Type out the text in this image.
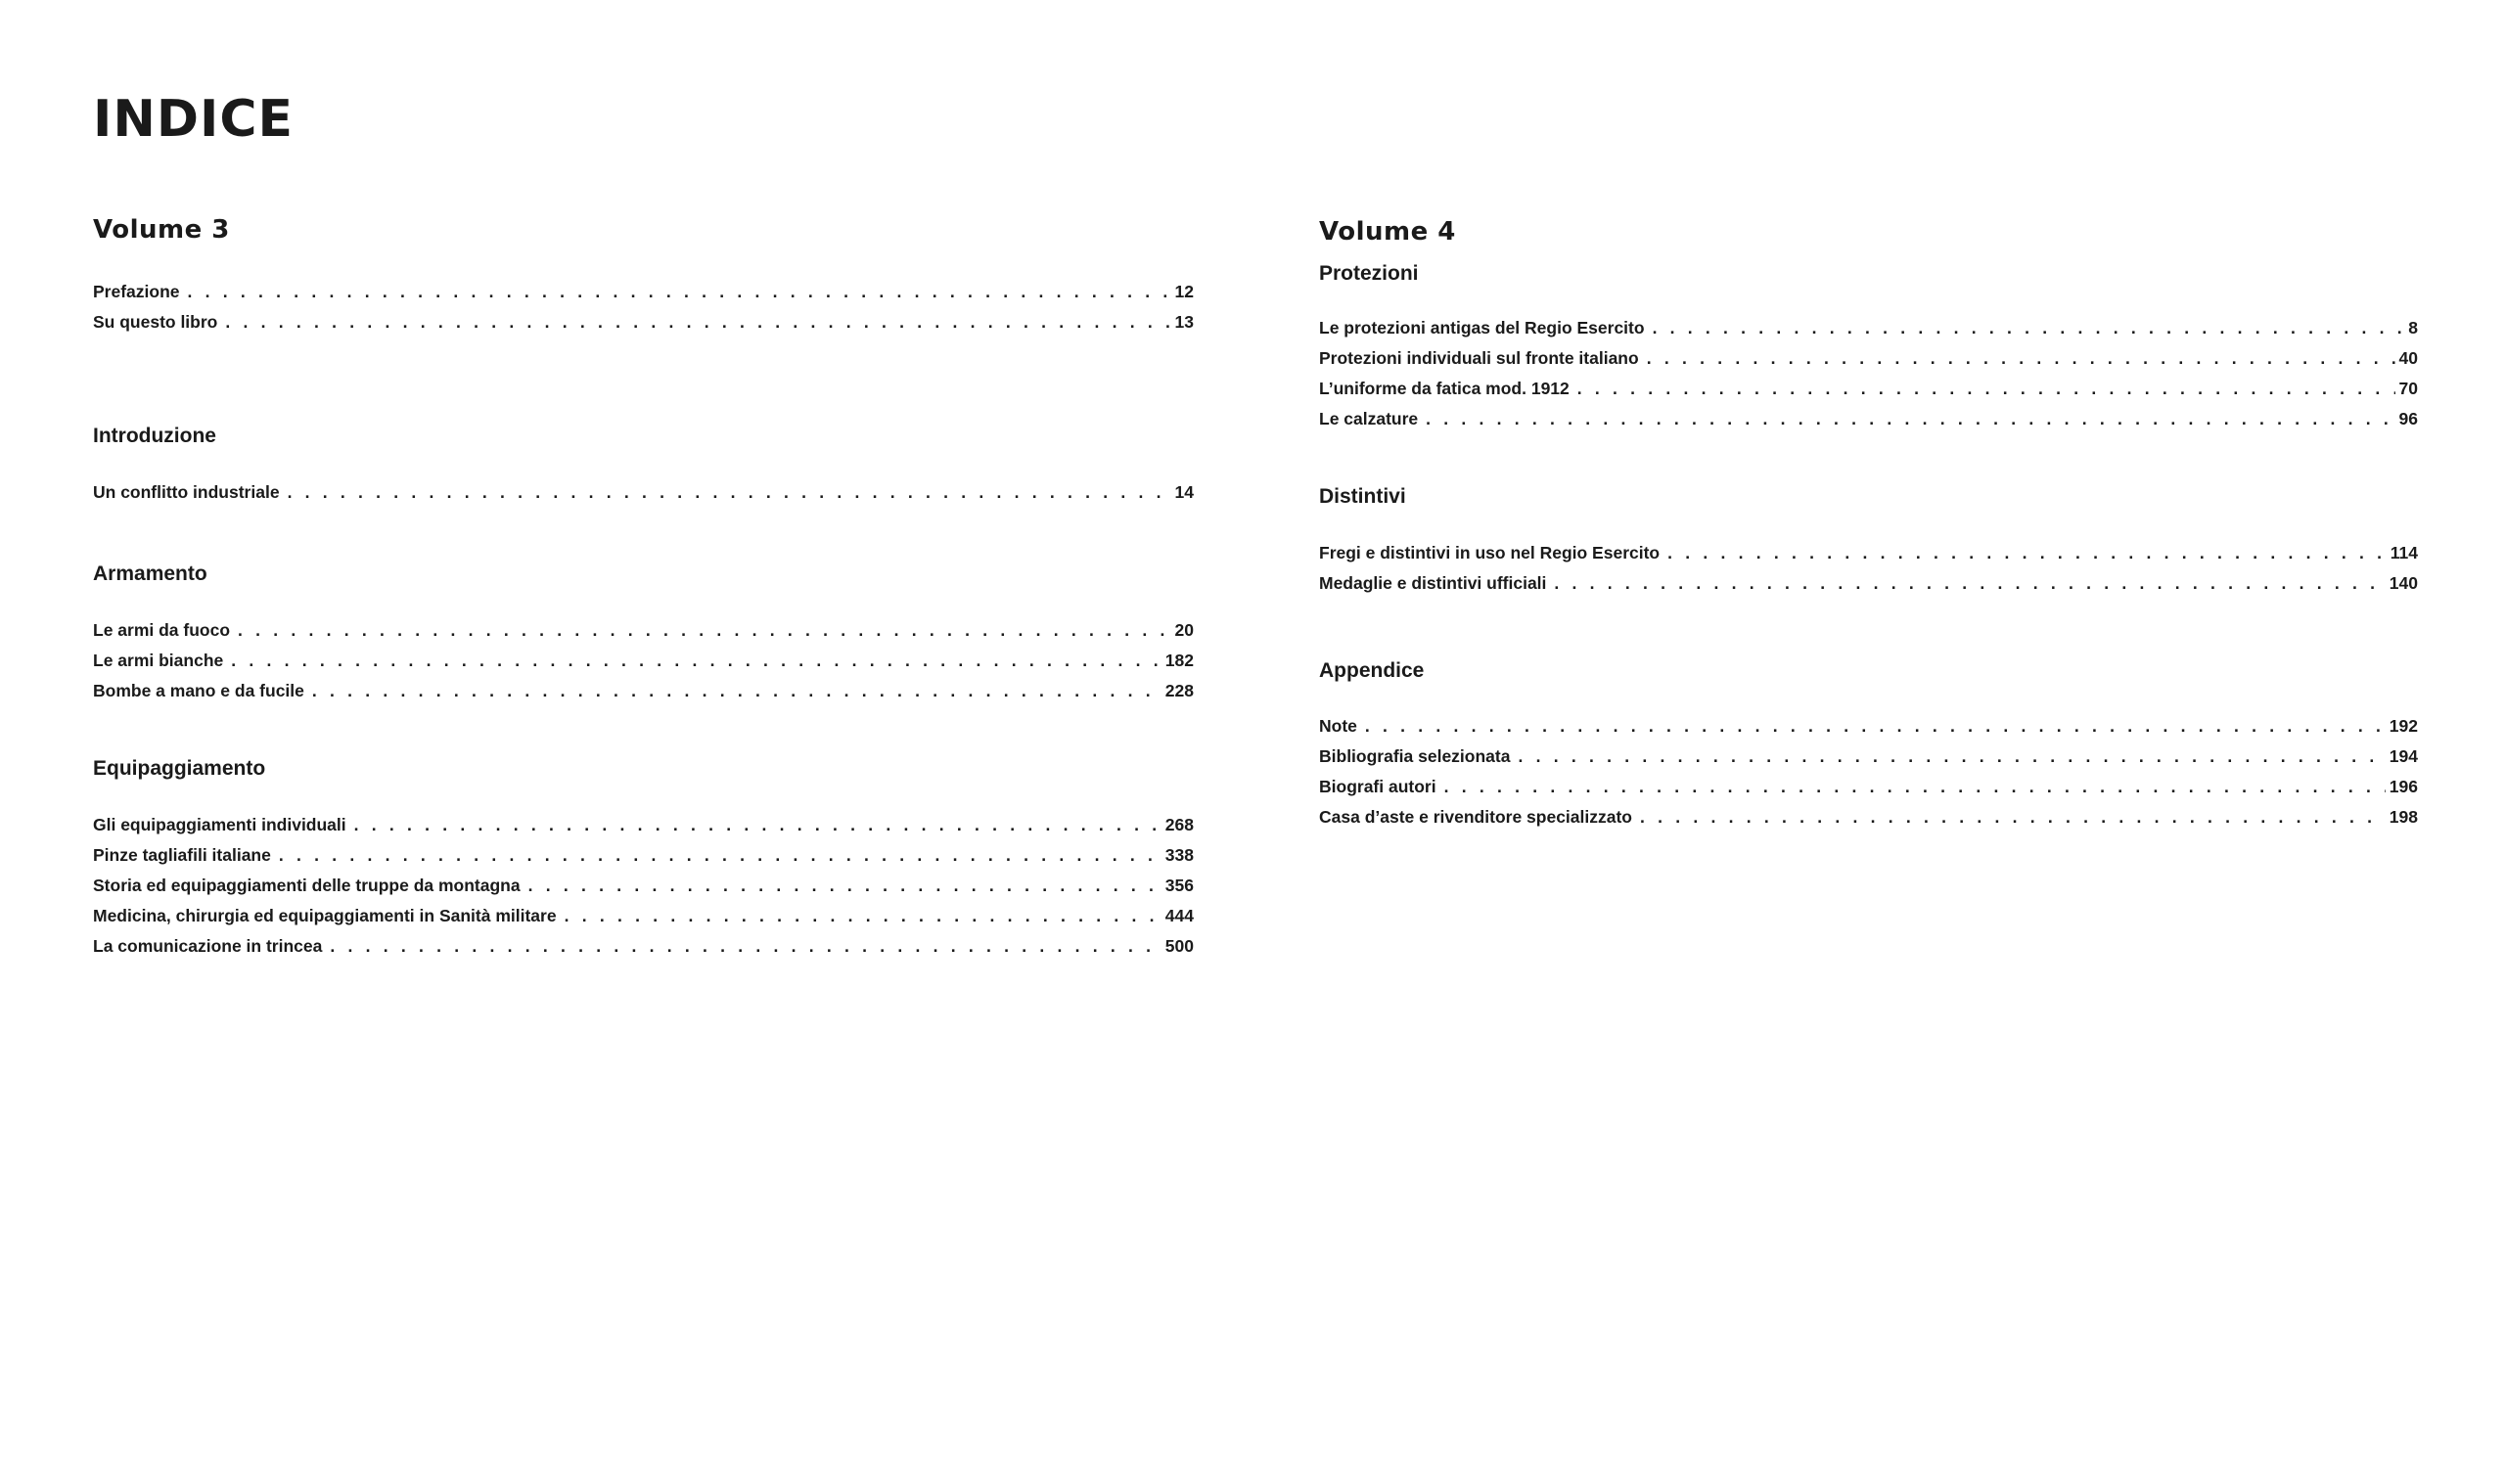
INDICE
Volume 3
Prefazione . . .	12
Su questo libro . . .	13
Introduzione
Un conflitto industriale . . .	14
Armamento
Le armi da fuoco . . .	20
Le armi bianche . . .	182
Bombe a mano e da fucile . . .	228
Equipaggiamento
Gli equipaggiamenti individuali . . .	268
Pinze tagliafili italiane . . .	338
Storia ed equipaggiamenti delle truppe da montagna . . .	356
Medicina, chirurgia ed equipaggiamenti in Sanità militare . . .	444
La comunicazione in trincea . . .	500
Volume 4
Protezioni
Le protezioni antigas del Regio Esercito . . .	8
Protezioni individuali sul fronte italiano . . .	40
L’uniforme da fatica mod. 1912 . . .	70
Le calzature . . .	96
Distintivi
Fregi e distintivi in uso nel Regio Esercito . . .	114
Medaglie e distintivi ufficiali . . .	140
Appendice
Note . . .	192
Bibliografia selezionata . . .	194
Biografi autori . . .	196
Casa d’aste e rivenditore specializzato . . .	198
